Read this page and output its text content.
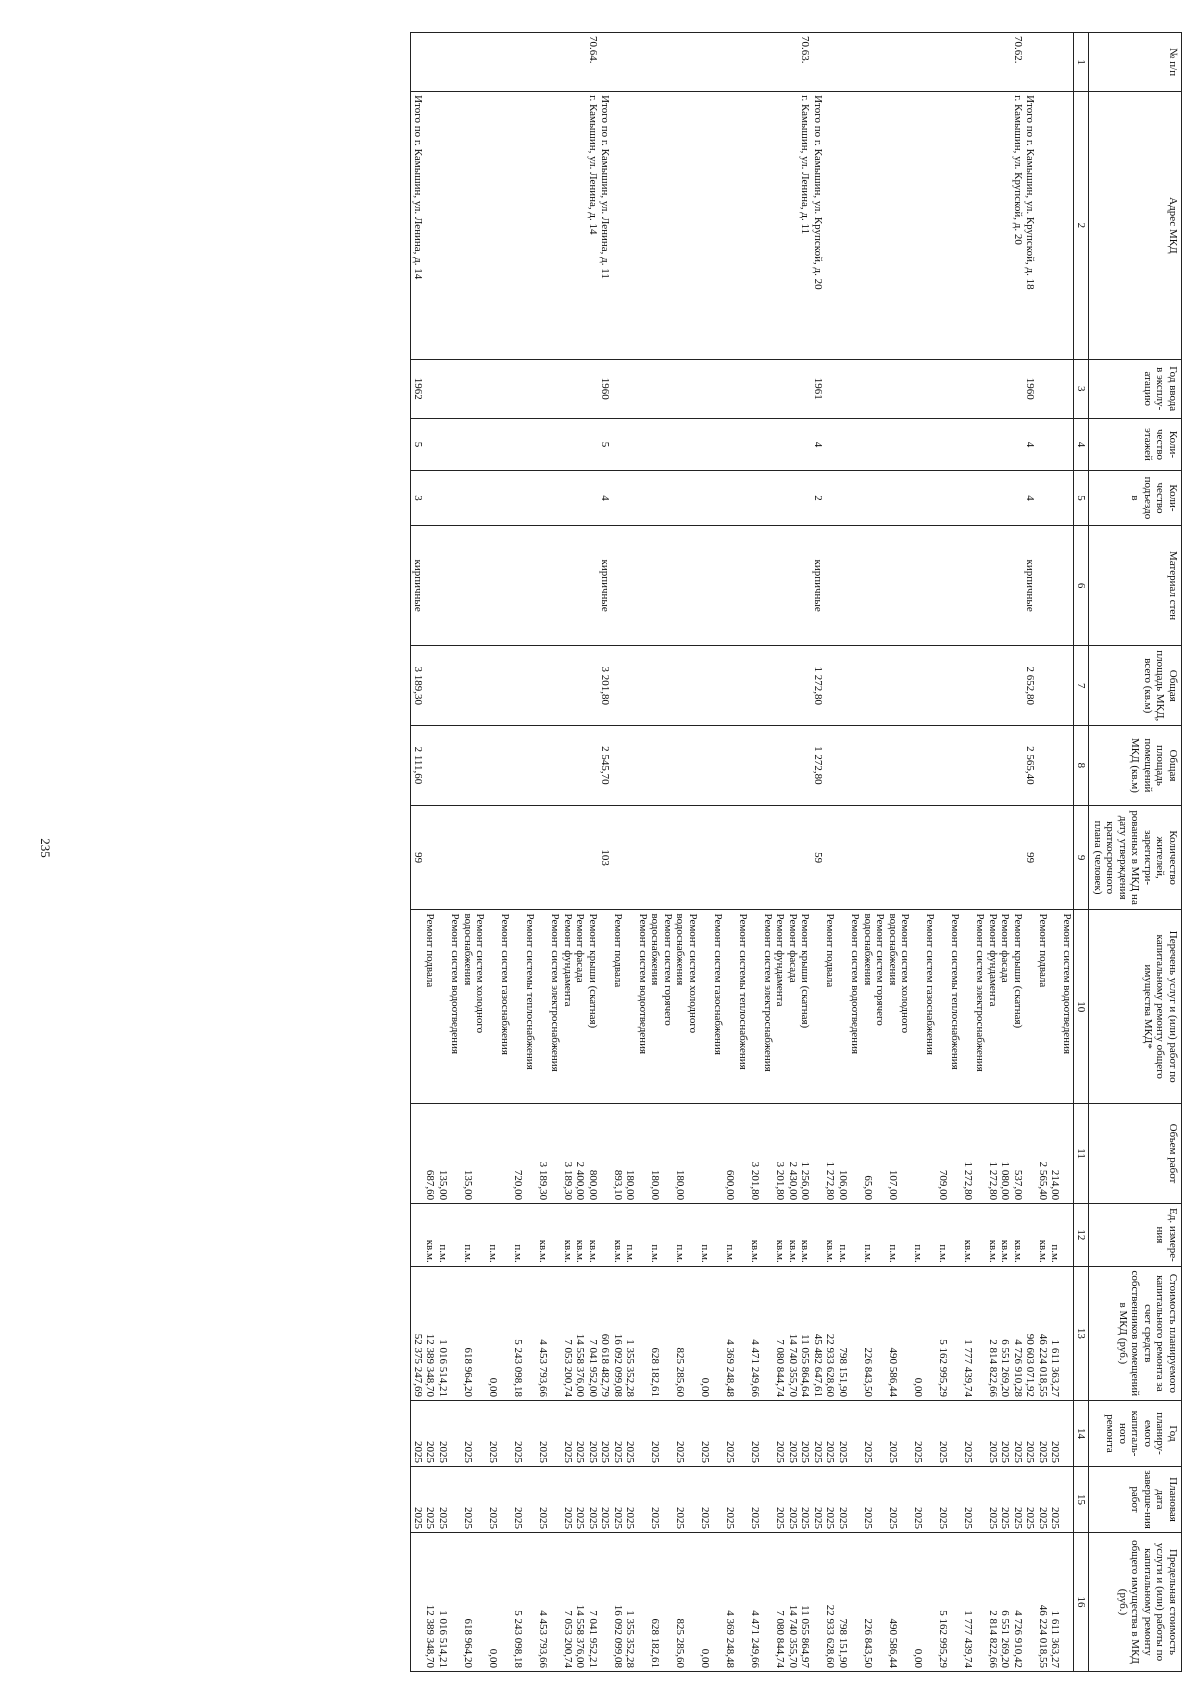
235
№ п/п	Адрес МКД	Год ввода в эксплу-атацию	Коли-чество этажей	Коли-чество подъездо в	Материал стен	Общая площадь МКД, всего (кв.м)	Общая площадь помещений МКД (кв.м)	Количество жителей, зарегистри-рованных в МКД на дату утверждения краткосрочного плана (человек)	Перечень услуг и (или) работ по капитальному ремонту общего имущества МКД*	Объем работ	Ед. измере-ния	Стоимость планируемого капитального ремонта за счет средств собственников помещений в МКД (руб.)	Год планиру-емого капиталь-ного ремонта	Плановая дата заверше-ния работ	Предельная стоимость услуги и (или) работы по капитальному ремонту общего имущества в МКД (руб.)
1	2	3	4	5	6	7	8	9	10	11	12	13	14	15	16
									Ремонт систем водоотведения	214,00	п.м.	1 611 363,27	2025	2025	1 611 363,27
									Ремонт подвала	2 565,40	кв.м.	46 224 018,55	2025	2025	46 224 018,55
	Итого по г. Камышин, ул. Крупской, д. 18	1960	4	4	кирпичные	2 652,80	2 565,40	99				90 603 071,92	2025	2025	
70.62.	г. Камышин, ул. Крупской, д. 20								Ремонт крыши (скатная)	537,00	кв.м.	4 726 910,28	2025	2025	4 726 910,42
									Ремонт фасада	1 080,00	кв.м.	6 551 269,20	2025	2025	6 551 269,20
									Ремонт фундамента	1 272,80	кв.м.	2 814 822,66	2025	2025	2 814 822,66
									Ремонт систем электроснабжения	1 272,80	кв.м.	1 777 439,74	2025	2025	1 777 439,74
									Ремонт системы теплоснабжения	709,00	п.м.	5 162 995,29	2025	2025	5 162 995,29
									Ремонт систем газоснабжения		п.м.	0,00	2025	2025	0,00
									Ремонт систем холодного водоснабжения	107,00	п.м.	490 586,44	2025	2025	490 586,44
									Ремонт систем горячего водоснабжения	65,00	п.м.	226 843,50	2025	2025	226 843,50
									Ремонт систем водоотведения	106,00	п.м.	798 151,90	2025	2025	798 151,90
									Ремонт подвала	1 272,80	кв.м.	22 933 628,60	2025	2025	22 933 628,60
	Итого по г. Камышин, ул. Крупской, д. 20	1961	4	2	кирпичные	1 272,80	1 272,80	59				45 482 647,61	2025	2025	
70.63.	г. Камышин, ул. Ленина, д. 11								Ремонт крыши (скатная)	1 256,00	кв.м.	11 055 864,64	2025	2025	11 055 864,97
									Ремонт фасада	2 430,00	кв.м.	14 740 355,70	2025	2025	14 740 355,70
									Ремонт фундамента	3 201,80	кв.м.	7 080 844,74	2025	2025	7 080 844,74
									Ремонт систем электроснабжения	3 201,80	кв.м.	4 471 249,66	2025	2025	4 471 249,66
									Ремонт системы теплоснабжения	600,00	п.м.	4 369 248,48	2025	2025	4 369 248,48
									Ремонт систем газоснабжения		п.м.	0,00	2025	2025	0,00
									Ремонт систем холодного водоснабжения	180,00	п.м.	825 285,60	2025	2025	825 285,60
									Ремонт систем горячего водоснабжения	180,00	п.м.	628 182,61	2025	2025	628 182,61
									Ремонт систем водоотведения	180,00	п.м.	1 355 352,28	2025	2025	1 355 352,28
									Ремонт подвала	893,10	кв.м.	16 092 099,08	2025	2025	16 092 099,08
	Итого по г. Камышин, ул. Ленина, д. 11	1960	5	4	кирпичные	3 201,80	2 545,70	103				60 618 482,79	2025	2025	
70.64.	г. Камышин, ул. Ленина, д. 14								Ремонт крыши (скатная)	800,00	кв.м.	7 041 952,00	2025	2025	7 041 952,21
									Ремонт фасада	2 400,00	кв.м.	14 558 376,00	2025	2025	14 558 376,00
									Ремонт фундамента	3 189,30	кв.м.	7 053 200,74	2025	2025	7 053 200,74
									Ремонт систем электроснабжения	3 189,30	кв.м.	4 453 793,66	2025	2025	4 453 793,66
									Ремонт системы теплоснабжения	720,00	п.м.	5 243 098,18	2025	2025	5 243 098,18
									Ремонт систем газоснабжения		п.м.	0,00	2025	2025	0,00
									Ремонт систем холодного водоснабжения	135,00	п.м.	618 964,20	2025	2025	618 964,20
									Ремонт систем водоотведения	135,00	п.м.	1 016 514,21	2025	2025	1 016 514,21
									Ремонт подвала	687,60	кв.м.	12 389 348,70	2025	2025	12 389 348,70
	Итого по г. Камышин, ул. Ленина, д. 14	1962	5	3	кирпичные	3 189,30	2 111,60	99				52 375 247,69	2025	2025	
